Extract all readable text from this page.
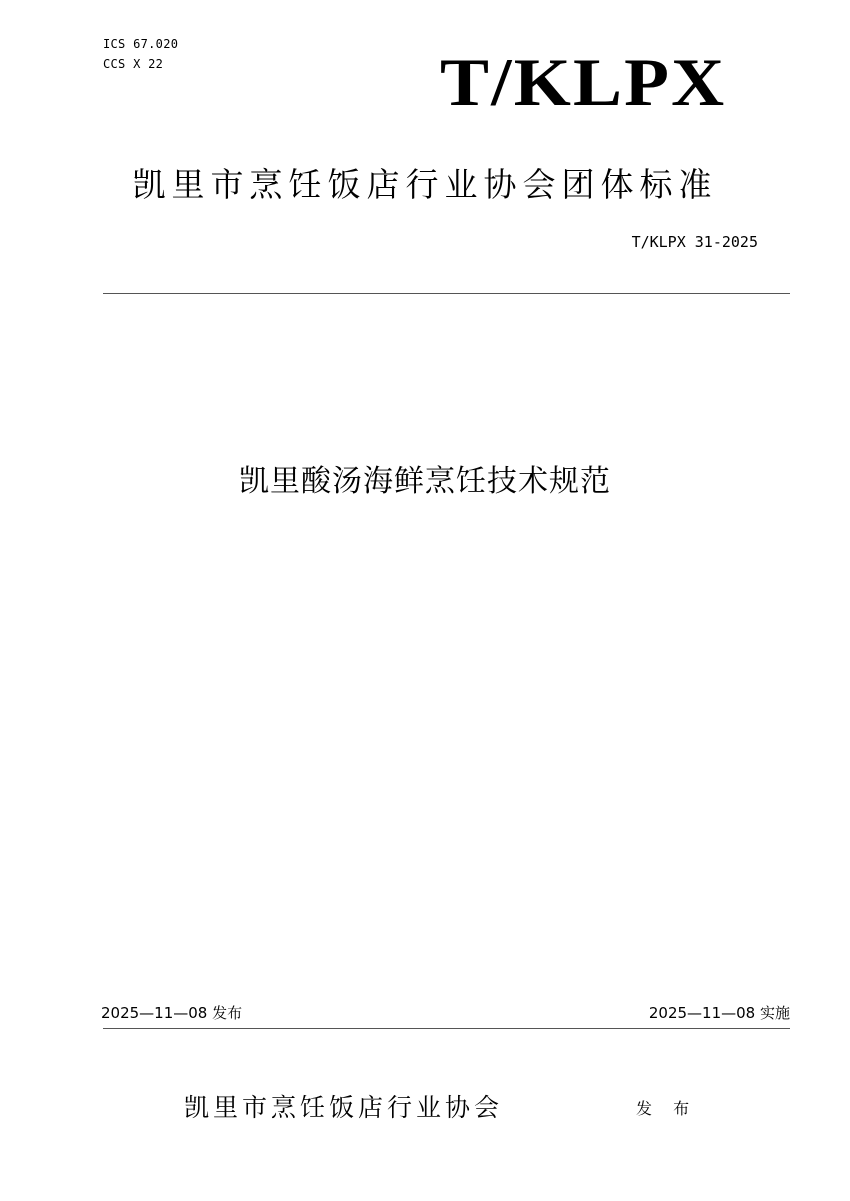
ICS 67.020
CCS X 22	T/KLPX
凯里市烹饪饭店行业协会团体标准
T/KLPX 31-2025
凯里酸汤海鲜烹饪技术规范
2025—11—08 发布	2025—11—08 实施
凯里市烹饪饭店行业协会	发 布
